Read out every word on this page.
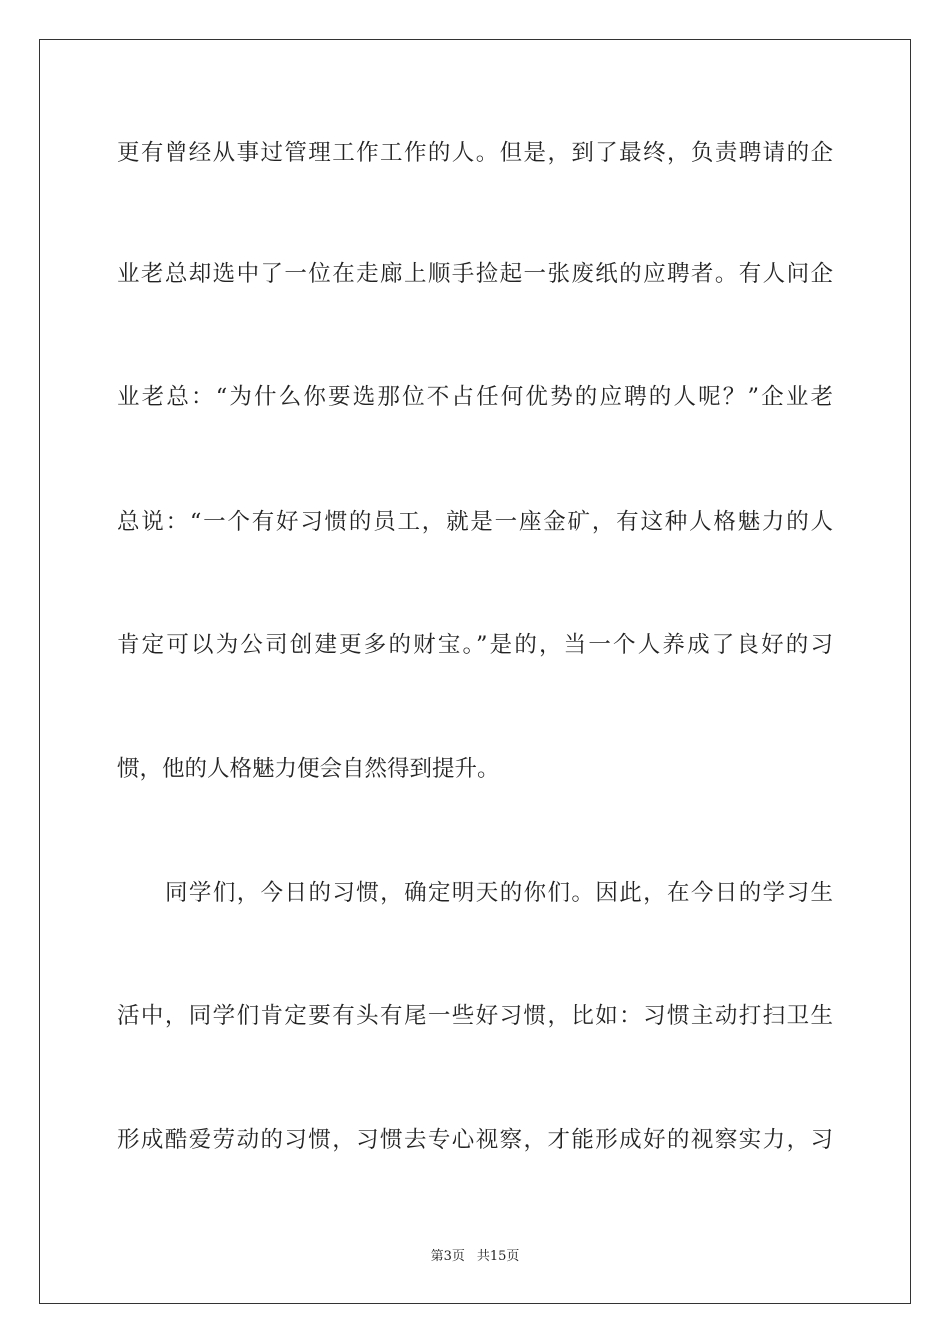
更有曾经从事过管理工作工作的人。但是，到了最终，负责聘请的企
业老总却选中了一位在走廊上顺手捡起一张废纸的应聘者。有人问企
业老总：“为什么你要选那位不占任何优势的应聘的人呢？”企业老
总说：“一个有好习惯的员工，就是一座金矿，有这种人格魅力的人
肯定可以为公司创建更多的财宝。”是的，当一个人养成了良好的习
惯，他的人格魅力便会自然得到提升。
同学们，今日的习惯，确定明天的你们。因此，在今日的学习生
活中，同学们肯定要有头有尾一些好习惯，比如：习惯主动打扫卫生
形成酷爱劳动的习惯，习惯去专心视察，才能形成好的视察实力，习
第3页 共15页
